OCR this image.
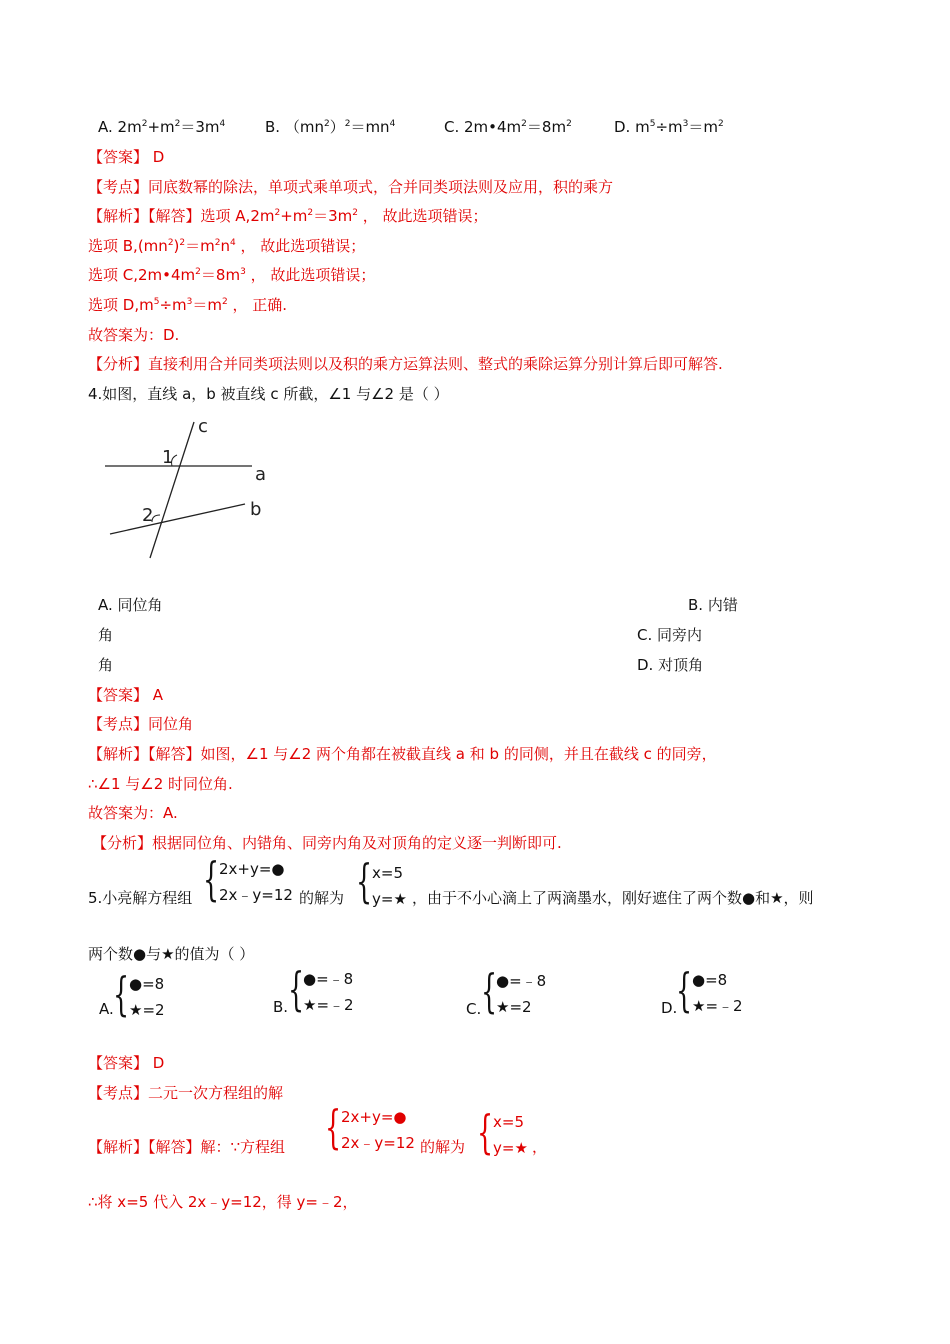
A. $2m^2+m^2=3m^4$	B. $(mn^2)^2=mn^4$	C. $2m•4m^2=8m^2$	D. $m^5\div m^3=m^2$
【答案】 D
【考点】同底数幂的除法，单项式乘单项式，合并同类项法则及应用，积的乘方
【解析】【解答】选项 $A,2m^2+m^2=3m^2$ ， 故此选项错误；
选项 $B,(mn^2)^2=m^2n^4$ ， 故此选项错误；
选项 $C,2m•4m^2=8m^3$ ， 故此选项错误；
选项 $D,m^5\div m^3=m^2$ ， 正确.
故答案为：D.
【分析】直接利用合并同类项法则以及积的乘方运算法则、整式的乘除运算分别计算后即可解答.
4.如图，直线 a，b 被直线 c 所截，∠1 与∠2 是（ ）
c
a
b
1
2
A. 同位角	B. 内错
角	C. 同旁内
角	D. 对顶角
【答案】 A
【考点】同位角
【解析】【解答】如图，∠1 与∠2 两个角都在被截直线 a 和 b 的同侧，并且在截线 c 的同旁，
∴∠1 与∠2 时同位角.
故答案为：A.
【分析】根据同位角、内错角、同旁内角及对顶角的定义逐一判断即可.
5.小亮解方程组 { 2x+y=●
2x﹣y=12 的解为 { x=5
y=★ ，由于不小心滴上了两滴墨水，刚好遮住了两个数●和★，则
两个数●与★的值为（ ）
A. { ●=8
★=2	B. {
●=﹣8
★=﹣2	C. {
●=﹣8
★=2	D.
{ ●=8
★=﹣2
【答案】 D
【考点】二元一次方程组的解
【解析】【解答】解：∵方程组 { 2x+y=●
2x﹣y=12 的解为 { x=5
y=★ ，
∴将 x=5 代入 2x﹣y=12，得 y=﹣2，
